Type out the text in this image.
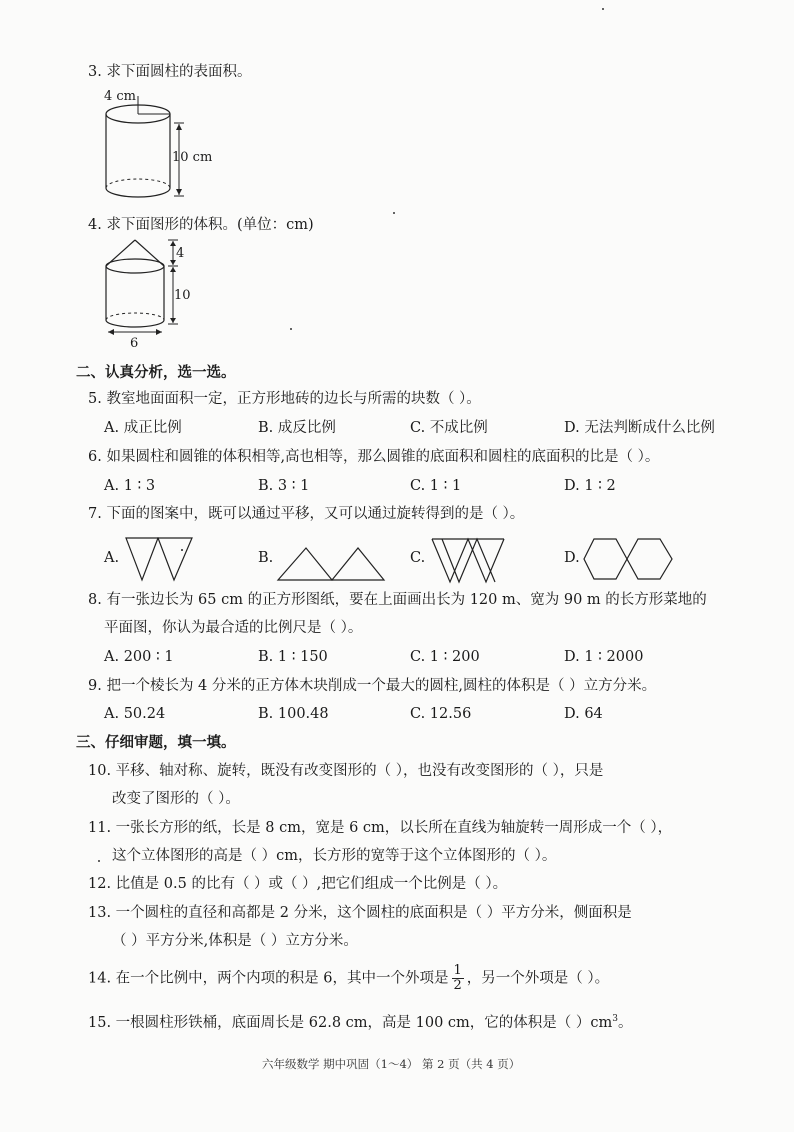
3. 求下面圆柱的表面积。
4 cm
10 cm
4. 求下面图形的体积。(单位：cm)
4
10
6
二、认真分析，选一选。
5. 教室地面面积一定，正方形地砖的边长与所需的块数（ ）。
A. 成正比例	B. 成反比例	C. 不成比例	D. 无法判断成什么比例
6. 如果圆柱和圆锥的体积相等,高也相等，那么圆锥的底面积和圆柱的底面积的比是（ ）。
A. 1 ∶ 3	B. 3 ∶ 1	C. 1 ∶ 1	D. 1 ∶ 2
7. 下面的图案中，既可以通过平移，又可以通过旋转得到的是（ ）。
A.	B.	C.	D.
8. 有一张边长为 65 cm 的正方形图纸，要在上面画出长为 120 m、宽为 90 m 的长方形菜地的
平面图，你认为最合适的比例尺是（ ）。
A. 200 ∶ 1	B. 1 ∶ 150	C. 1 ∶ 200	D. 1 ∶ 2000
9. 把一个棱长为 4 分米的正方体木块削成一个最大的圆柱,圆柱的体积是（ ）立方分米。
A. 50.24	B. 100.48	C. 12.56	D. 64
三、仔细审题，填一填。
10. 平移、轴对称、旋转，既没有改变图形的（ ），也没有改变图形的（ ），只是
改变了图形的（ ）。
11. 一张长方形的纸，长是 8 cm，宽是 6 cm，以长所在直线为轴旋转一周形成一个（ ），
这个立体图形的高是（ ）cm，长方形的宽等于这个立体图形的（ ）。
12. 比值是 0.5 的比有（ ）或（ ）,把它们组成一个比例是（ ）。
13. 一个圆柱的直径和高都是 2 分米，这个圆柱的底面积是（ ）平方分米，侧面积是
（ ）平方分米,体积是（ ）立方分米。
14. 在一个比例中，两个内项的积是 6，其中一个外项是 $\frac{1}{2}$ ，另一个外项是（ ）。
15. 一根圆柱形铁桶，底面周长是 62.8 cm，高是 100 cm，它的体积是（ ）$cm^3$。
六年级数学 期中巩固（1～4） 第 2 页（共 4 页）
